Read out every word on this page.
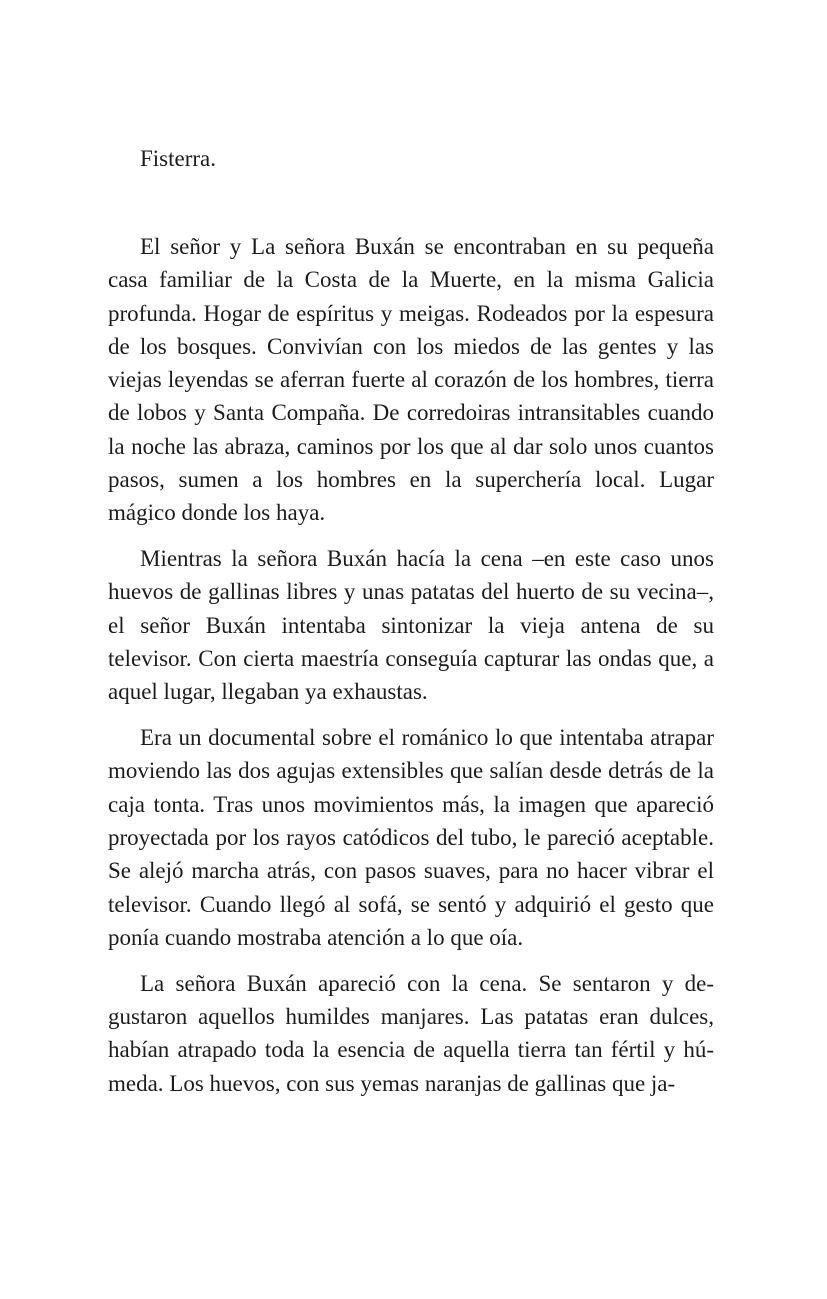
Fisterra.

El señor y La señora Buxán se encontraban en su pequeña casa familiar de la Costa de la Muerte, en la misma Galicia profunda. Hogar de espíritus y meigas. Rodeados por la espesura de los bosques. Convivían con los miedos de las gentes y las viejas leyendas se aferran fuerte al corazón de los hombres, tierra de lobos y Santa Compaña. De corredoiras intransitables cuando la noche las abraza, caminos por los que al dar solo unos cuantos pasos, sumen a los hombres en la superchería local. Lugar mágico donde los haya.

Mientras la señora Buxán hacía la cena –en este caso unos huevos de gallinas libres y unas patatas del huerto de su vecina–, el señor Buxán intentaba sintonizar la vieja antena de su televisor. Con cierta maestría conseguía capturar las ondas que, a aquel lugar, llegaban ya exhaustas.

Era un documental sobre el románico lo que intentaba atrapar moviendo las dos agujas extensibles que salían desde detrás de la caja tonta. Tras unos movimientos más, la imagen que apareció proyectada por los rayos catódicos del tubo, le pareció aceptable. Se alejó marcha atrás, con pasos suaves, para no hacer vibrar el televisor. Cuando llegó al sofá, se sentó y adquirió el gesto que ponía cuando mostraba atención a lo que oía.

La señora Buxán apareció con la cena. Se sentaron y degustaron aquellos humildes manjares. Las patatas eran dulces, habían atrapado toda la esencia de aquella tierra tan fértil y húmeda. Los huevos, con sus yemas naranjas de gallinas que ja-
